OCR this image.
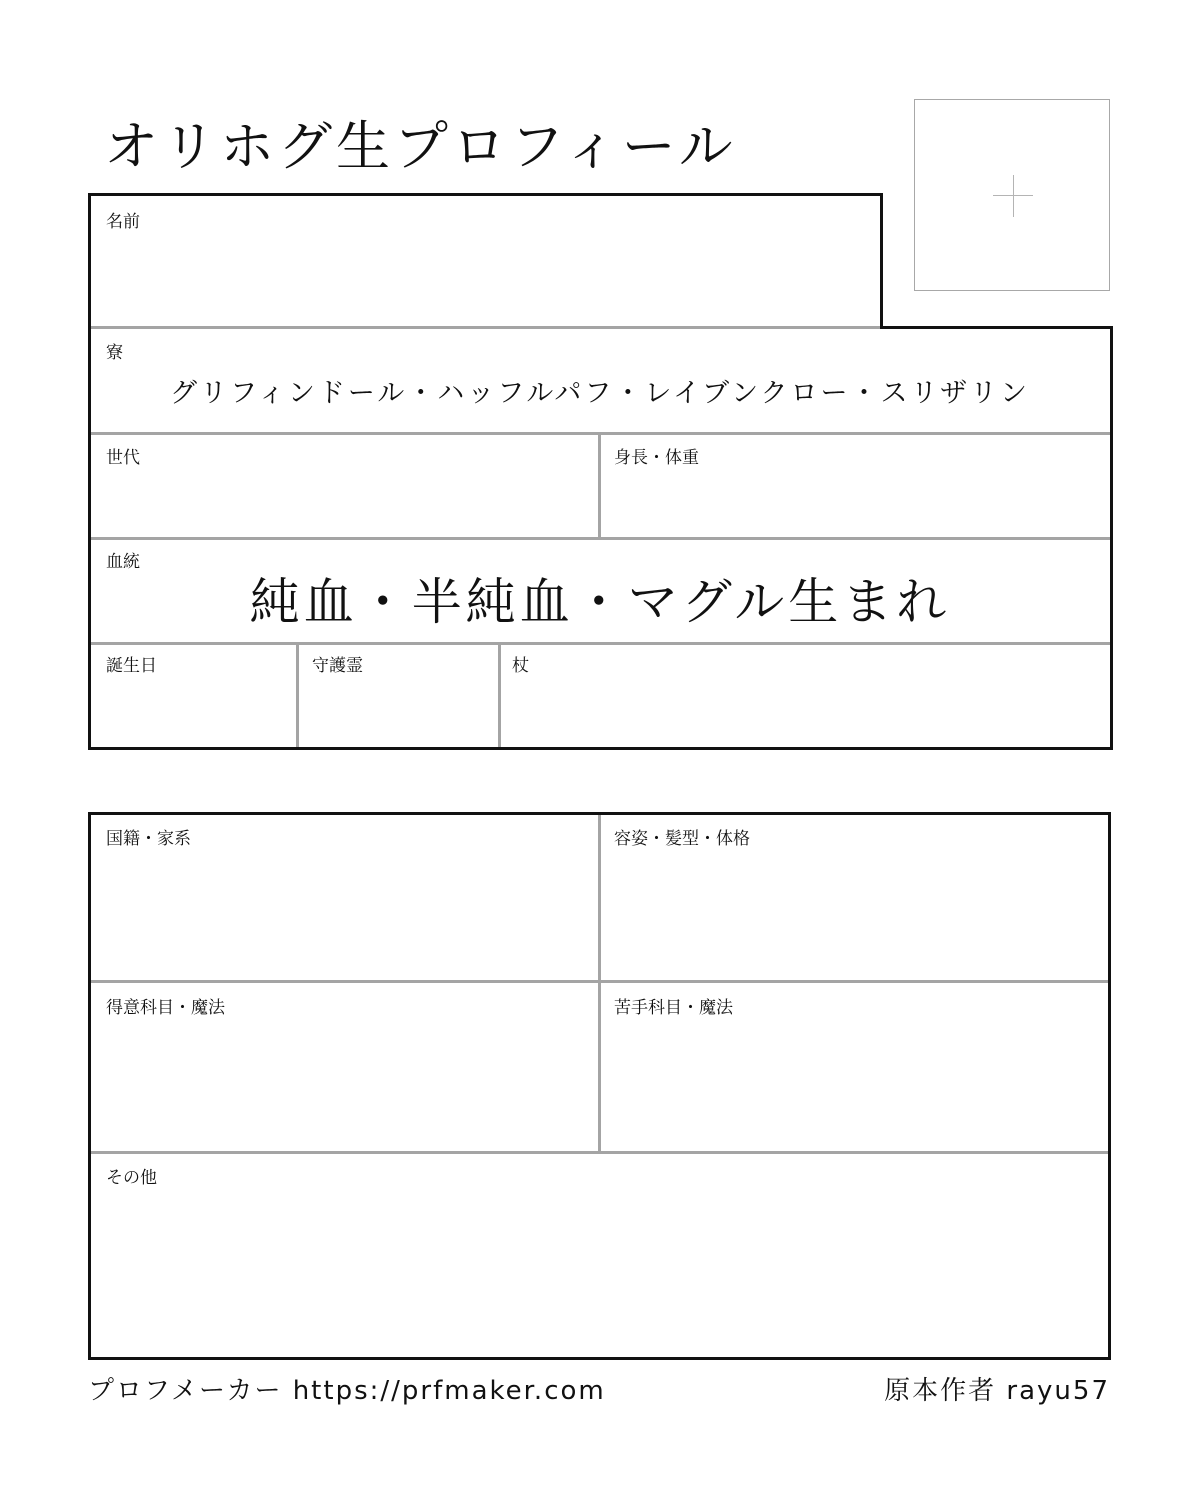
オリホグ生プロフィール
名前
寮
グリフィンドール・ハッフルパフ・レイブンクロー・スリザリン
世代	身長・体重
血統
純血・半純血・マグル生まれ
誕生日	守護霊	杖
国籍・家系	容姿・髪型・体格
得意科目・魔法	苦手科目・魔法
その他
プロフメーカー https://prfmaker.com	原本作者 rayu57
